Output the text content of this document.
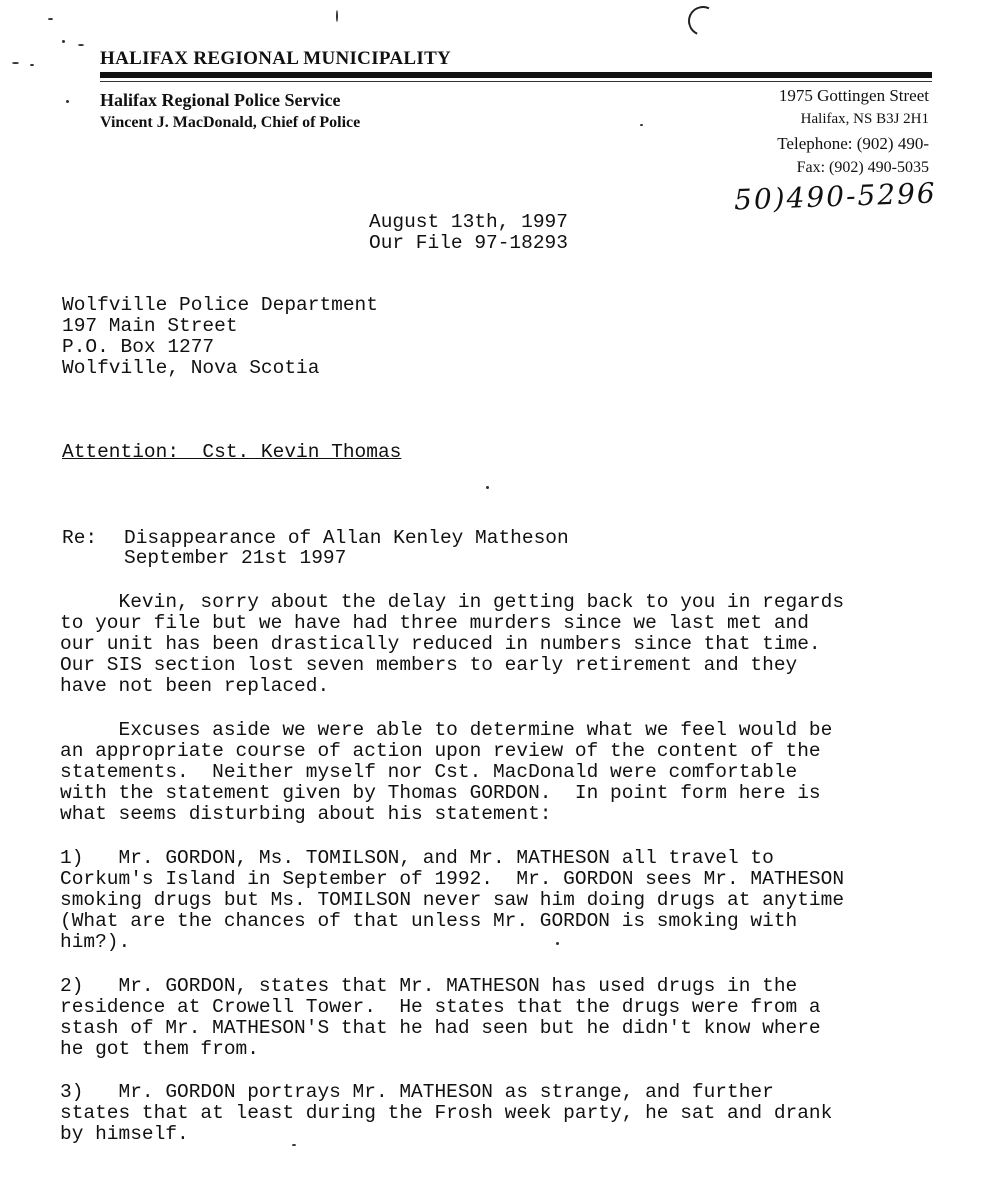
HALIFAX REGIONAL MUNICIPALITY
Halifax Regional Police Service
Vincent J. MacDonald, Chief of Police
1975 Gottingen Street
Halifax, NS B3J 2H1
Telephone: (902) 490-
Fax: (902) 490-5035
50)490-5296
August 13th, 1997
Our File 97-18293
Wolfville Police Department
197 Main Street
P.O. Box 1277
Wolfville, Nova Scotia
Attention:  Cst. Kevin Thomas
Re: Disappearance of Allan Kenley Matheson
September 21st 1997
Kevin, sorry about the delay in getting back to you in regards
to your file but we have had three murders since we last met and
our unit has been drastically reduced in numbers since that time.
Our SIS section lost seven members to early retirement and they
have not been replaced.
Excuses aside we were able to determine what we feel would be
an appropriate course of action upon review of the content of the
statements.  Neither myself nor Cst. MacDonald were comfortable
with the statement given by Thomas GORDON.  In point form here is
what seems disturbing about his statement:
1)   Mr. GORDON, Ms. TOMILSON, and Mr. MATHESON all travel to
Corkum's Island in September of 1992.  Mr. GORDON sees Mr. MATHESON
smoking drugs but Ms. TOMILSON never saw him doing drugs at anytime
(What are the chances of that unless Mr. GORDON is smoking with
him?).
2)   Mr. GORDON, states that Mr. MATHESON has used drugs in the
residence at Crowell Tower.  He states that the drugs were from a
stash of Mr. MATHESON'S that he had seen but he didn't know where
he got them from.
3)   Mr. GORDON portrays Mr. MATHESON as strange, and further
states that at least during the Frosh week party, he sat and drank
by himself.
